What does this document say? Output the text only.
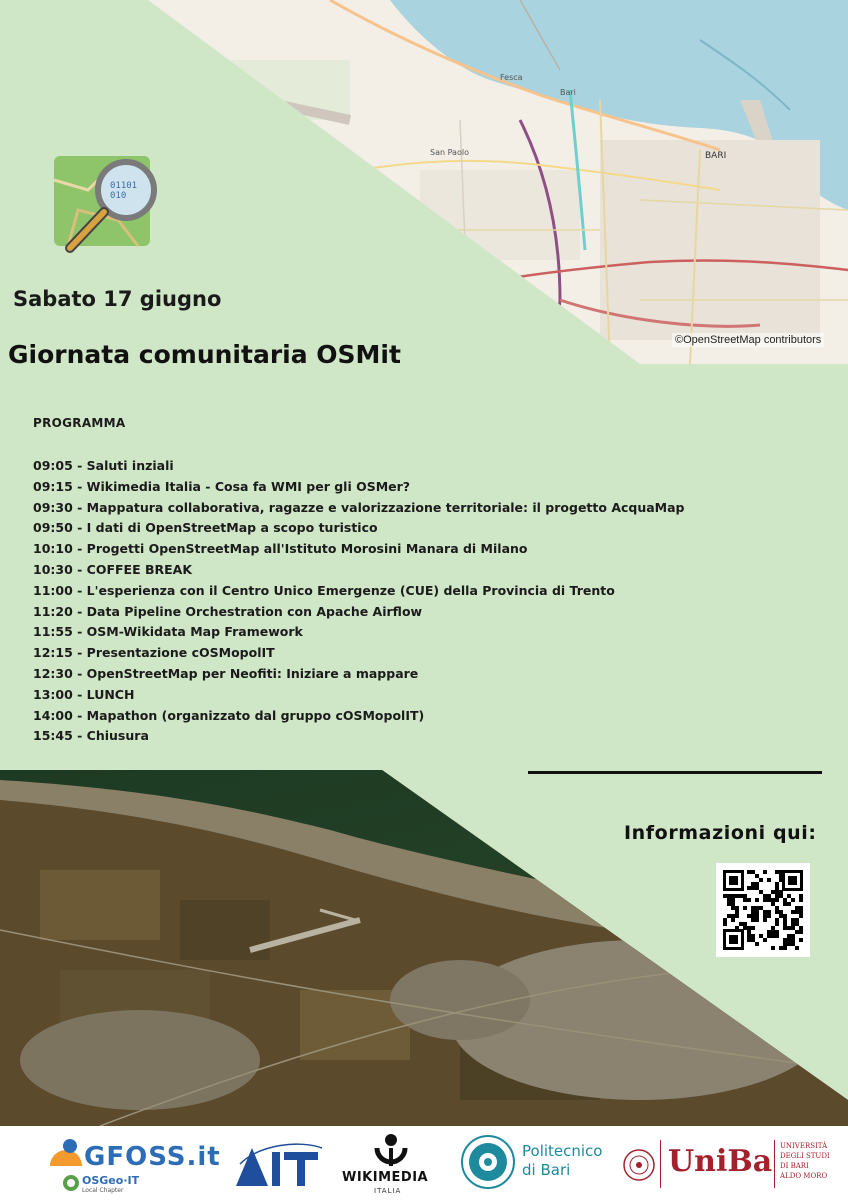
San Paolo	BARI
Bari
Fesca
©OpenStreetMap contributors
01101
010
Sabato 17 giugno
Giornata comunitaria OSMit
PROGRAMMA
09:05 - Saluti inziali
09:15 - Wikimedia Italia - Cosa fa WMI per gli OSMer?
09:30 - Mappatura collaborativa, ragazze e valorizzazione territoriale: il progetto AcquaMap
09:50 - I dati di OpenStreetMap a scopo turistico
10:10 - Progetti OpenStreetMap all'Istituto Morosini Manara di Milano
10:30 - COFFEE BREAK
11:00 - L'esperienza con il Centro Unico Emergenze (CUE) della Provincia di Trento
11:20 - Data Pipeline Orchestration con Apache Airflow
11:55 - OSM-Wikidata Map Framework
12:15 - Presentazione cOSMopolIT
12:30 - OpenStreetMap per Neofiti: Iniziare a mappare
13:00 - LUNCH
14:00 - Mapathon (organizzato dal gruppo cOSMopolIT)
15:45 - Chiusura
Informazioni qui:
GFOSS.it
OSGeo·IT
Local Chapter
WIKIMEDIA
ITALIA
Politecnico
di Bari	UniBa UNIVERSITÀ
DEGLI STUDI
DI BARI
ALDO MORO
